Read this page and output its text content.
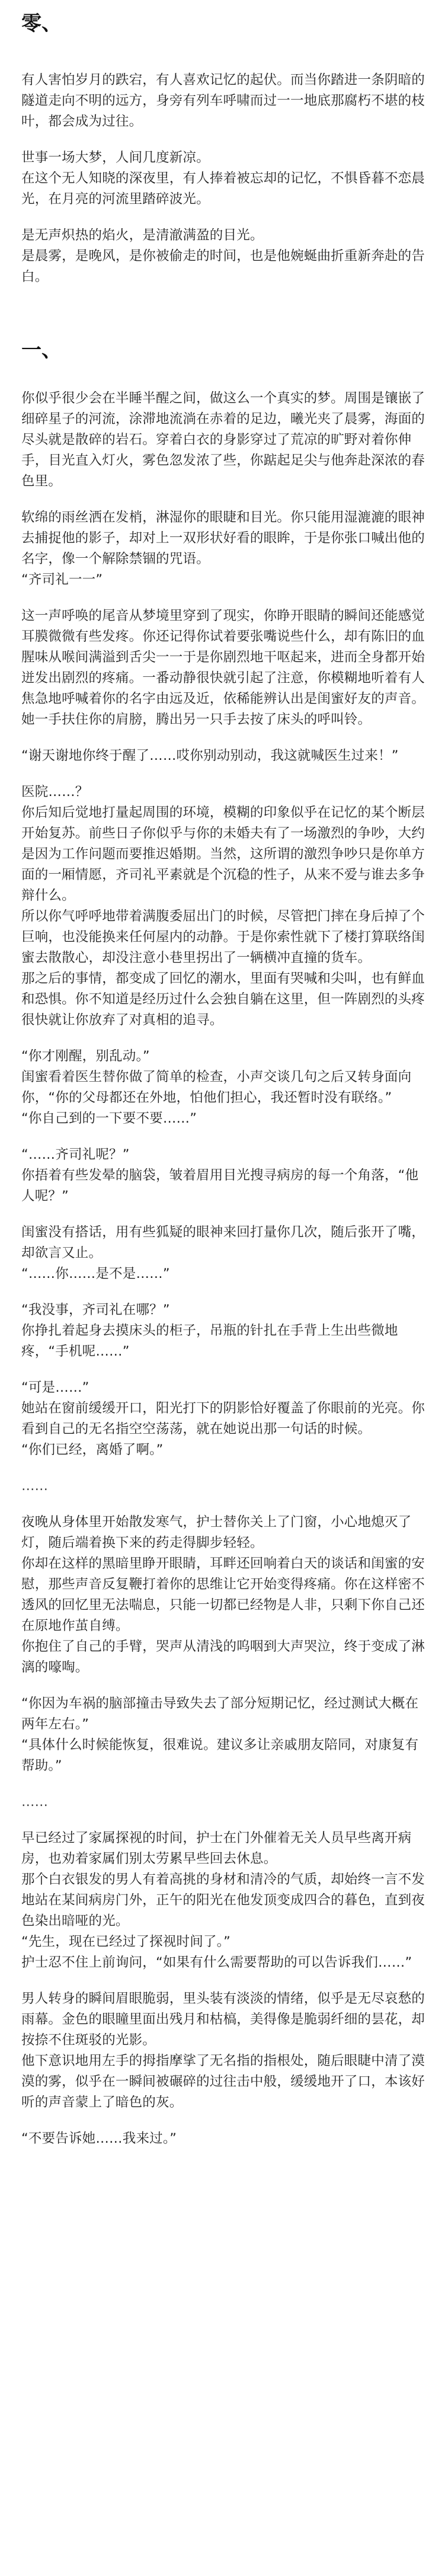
零、

有人害怕岁月的跌宕，有人喜欢记忆的起伏。而当你踏进一条阴暗的隧道走向不明的远方，身旁有列车呼啸而过一一地底那腐朽不堪的枝叶，都会成为过往。

世事一场大梦，人间几度新凉。
在这个无人知晓的深夜里，有人捧着被忘却的记忆，不惧昏暮不恋晨光，在月亮的河流里踏碎波光。

是无声炽热的焰火，是清澈满盈的目光。
是晨雾，是晚风，是你被偷走的时间，也是他婉蜒曲折重新奔赴的告白。

一、

你似乎很少会在半睡半醒之间，做这么一个真实的梦。周围是镶嵌了细碎星子的河流，涂滞地流淌在赤着的足边，曦光夹了晨雾，海面的尽头就是散碎的岩石。穿着白衣的身影穿过了荒凉的旷野对着你伸手，目光直入灯火，雾色忽发浓了些，你踮起足尖与他奔赴深浓的春色里。

软绵的雨丝洒在发梢，淋湿你的眼睫和目光。你只能用湿漉漉的眼神去捕捉他的影子，却对上一双形状好看的眼眸，于是你张口喊出他的名字，像一个解除禁锢的咒语。
“齐司礼一一”

这一声呼唤的尾音从梦境里穿到了现实，你睁开眼睛的瞬间还能感觉耳膜微微有些发疼。你还记得你试着要张嘴说些什么，却有陈旧的血腥味从喉间满溢到舌尖一一于是你剧烈地干呕起来，进而全身都开始迸发出剧烈的疼痛。一番动静很快就引起了注意，你模糊地听着有人焦急地呼喊着你的名字由远及近，依稀能辨认出是闺蜜好友的声音。她一手扶住你的肩膀，腾出另一只手去按了床头的呼叫铃。

“谢天谢地你终于醒了……哎你别动别动，我这就喊医生过来！”

医院……？
你后知后觉地打量起周围的环境，模糊的印象似乎在记忆的某个断层开始复苏。前些日子你似乎与你的未婚夫有了一场激烈的争吵，大约是因为工作问题而要推迟婚期。当然，这所谓的激烈争吵只是你单方面的一厢情愿，齐司礼平素就是个沉稳的性子，从来不爱与谁去多争辩什么。
所以你气呼呼地带着满腹委屈出门的时候，尽管把门摔在身后掉了个巨响，也没能换来任何屋内的动静。于是你索性就下了楼打算联络闺蜜去散散心，却没注意小巷里拐出了一辆横冲直撞的货车。
那之后的事情，都变成了回忆的潮水，里面有哭喊和尖叫，也有鲜血和恐惧。你不知道是经历过什么会独自躺在这里，但一阵剧烈的头疼很快就让你放弃了对真相的追寻。

“你才刚醒，别乱动。”
闺蜜看着医生替你做了简单的检查，小声交谈几句之后又转身面向你，“你的父母都还在外地，怕他们担心，我还暂时没有联络。”
“你自己到的一下要不要……”

“……齐司礼呢？”
你捂着有些发晕的脑袋，皱着眉用目光搜寻病房的每一个角落，“他人呢？”

闺蜜没有搭话，用有些狐疑的眼神来回打量你几次，随后张开了嘴，却欲言又止。
“……你……是不是……”

“我没事，齐司礼在哪？”
你挣扎着起身去摸床头的柜子，吊瓶的针扎在手背上生出些微地疼，“手机呢……”

“可是……”
她站在窗前缓缓开口，阳光打下的阴影恰好覆盖了你眼前的光亮。你看到自己的无名指空空荡荡，就在她说出那一句话的时候。
“你们已经，离婚了啊。”

……

夜晚从身体里开始散发寒气，护士替你关上了门窗，小心地熄灭了灯，随后端着换下来的药走得脚步轻轻。
你却在这样的黑暗里睁开眼睛，耳畔还回响着白天的谈话和闺蜜的安慰，那些声音反复鞭打着你的思维让它开始变得疼痛。你在这样密不透风的回忆里无法喘息，只能一切都已经物是人非，只剩下你自己还在原地作茧自缚。
你抱住了自己的手臂，哭声从清浅的呜咽到大声哭泣，终于变成了淋漓的嚎啕。

“你因为车祸的脑部撞击导致失去了部分短期记忆，经过测试大概在两年左右。”
“具体什么时候能恢复，很难说。建议多让亲戚朋友陪同，对康复有帮助。”

……

早已经过了家属探视的时间，护士在门外催着无关人员早些离开病房，也劝着家属们别太劳累早些回去休息。
那个白衣银发的男人有着高挑的身材和清冷的气质，却始终一言不发地站在某间病房门外，正午的阳光在他发顶变成四合的暮色，直到夜色染出暗哑的光。
“先生，现在已经过了探视时间了。”
护士忍不住上前询问，“如果有什么需要帮助的可以告诉我们……”

男人转身的瞬间眉眼脆弱，里头装有淡淡的情绪，似乎是无尽哀愁的雨幕。金色的眼瞳里面出残月和枯槁，美得像是脆弱纤细的昙花，却按捺不住斑驳的光影。
他下意识地用左手的拇指摩挲了无名指的指根处，随后眼睫中清了漠漠的雾，似乎在一瞬间被碾碎的过往击中般，缓缓地开了口，本该好听的声音蒙上了暗色的灰。

“不要告诉她……我来过。”
